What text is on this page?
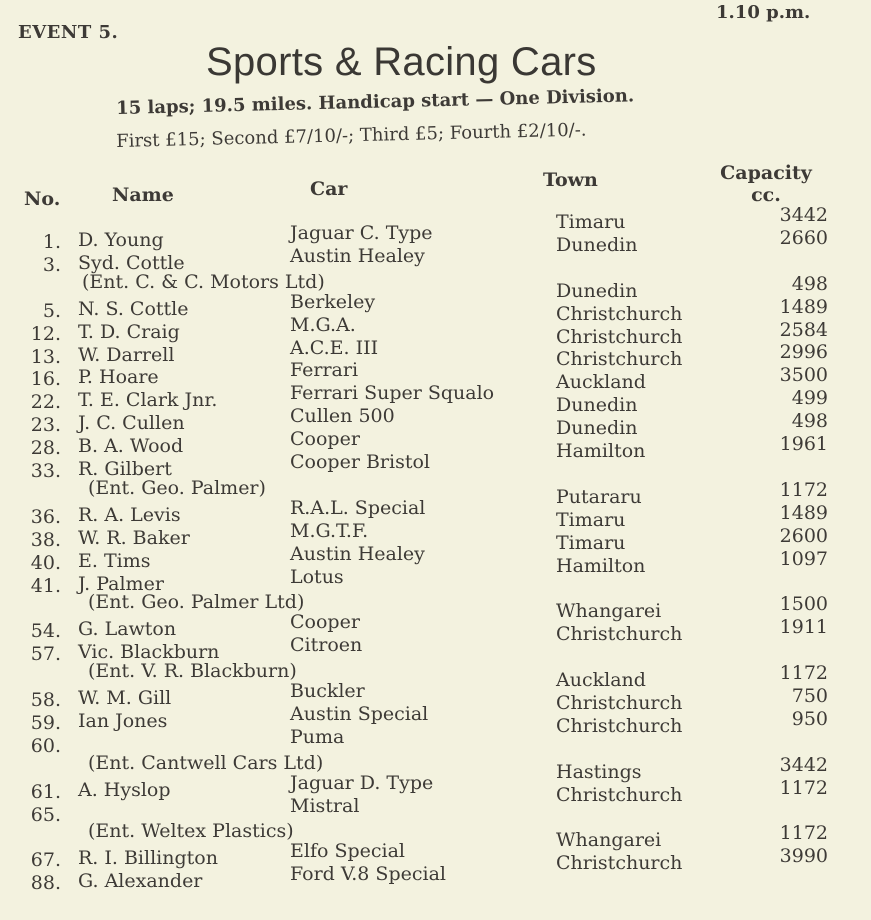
EVENT 5.
1.10 p.m.
Sports & Racing Cars
15 laps; 19.5 miles. Handicap start — One Division.
First £15; Second £7/10/-; Third £5; Fourth £2/10/-.
No.	Name	Car	Town	Capacity
cc.
1. D. Young	Jaguar C. Type	Timaru	3442
3. Syd. Cottle	Austin Healey	Dunedin	2660
(Ent. C. & C. Motors Ltd)
5. N. S. Cottle	Berkeley	Dunedin	498
12. T. D. Craig	M.G.A.	Christchurch	1489
13. W. Darrell	A.C.E. III	Christchurch	2584
16. P. Hoare	Ferrari	Christchurch	2996
22. T. E. Clark Jnr.	Ferrari Super Squalo	Auckland	3500
23. J. C. Cullen	Cullen 500	Dunedin	499
28. B. A. Wood	Cooper	Dunedin	498
33. R. Gilbert	Cooper Bristol	Hamilton	1961
(Ent. Geo. Palmer)
36. R. A. Levis	R.A.L. Special	Putararu	1172
38. W. R. Baker	M.G.T.F.	Timaru	1489
40. E. Tims	Austin Healey	Timaru	2600
41. J. Palmer	Lotus	Hamilton	1097
(Ent. Geo. Palmer Ltd)
54. G. Lawton	Cooper	Whangarei	1500
57. Vic. Blackburn	Citroen	Christchurch	1911
(Ent. V. R. Blackburn)
58. W. M. Gill	Buckler	Auckland	1172
59. Ian Jones	Austin Special	Christchurch	750
60.	Puma	Christchurch	950
(Ent. Cantwell Cars Ltd)
61. A. Hyslop	Jaguar D. Type	Hastings	3442
65.	Mistral	Christchurch	1172
(Ent. Weltex Plastics)
67. R. I. Billington	Elfo Special	Whangarei	1172
88. G. Alexander	Ford V.8 Special	Christchurch	3990
